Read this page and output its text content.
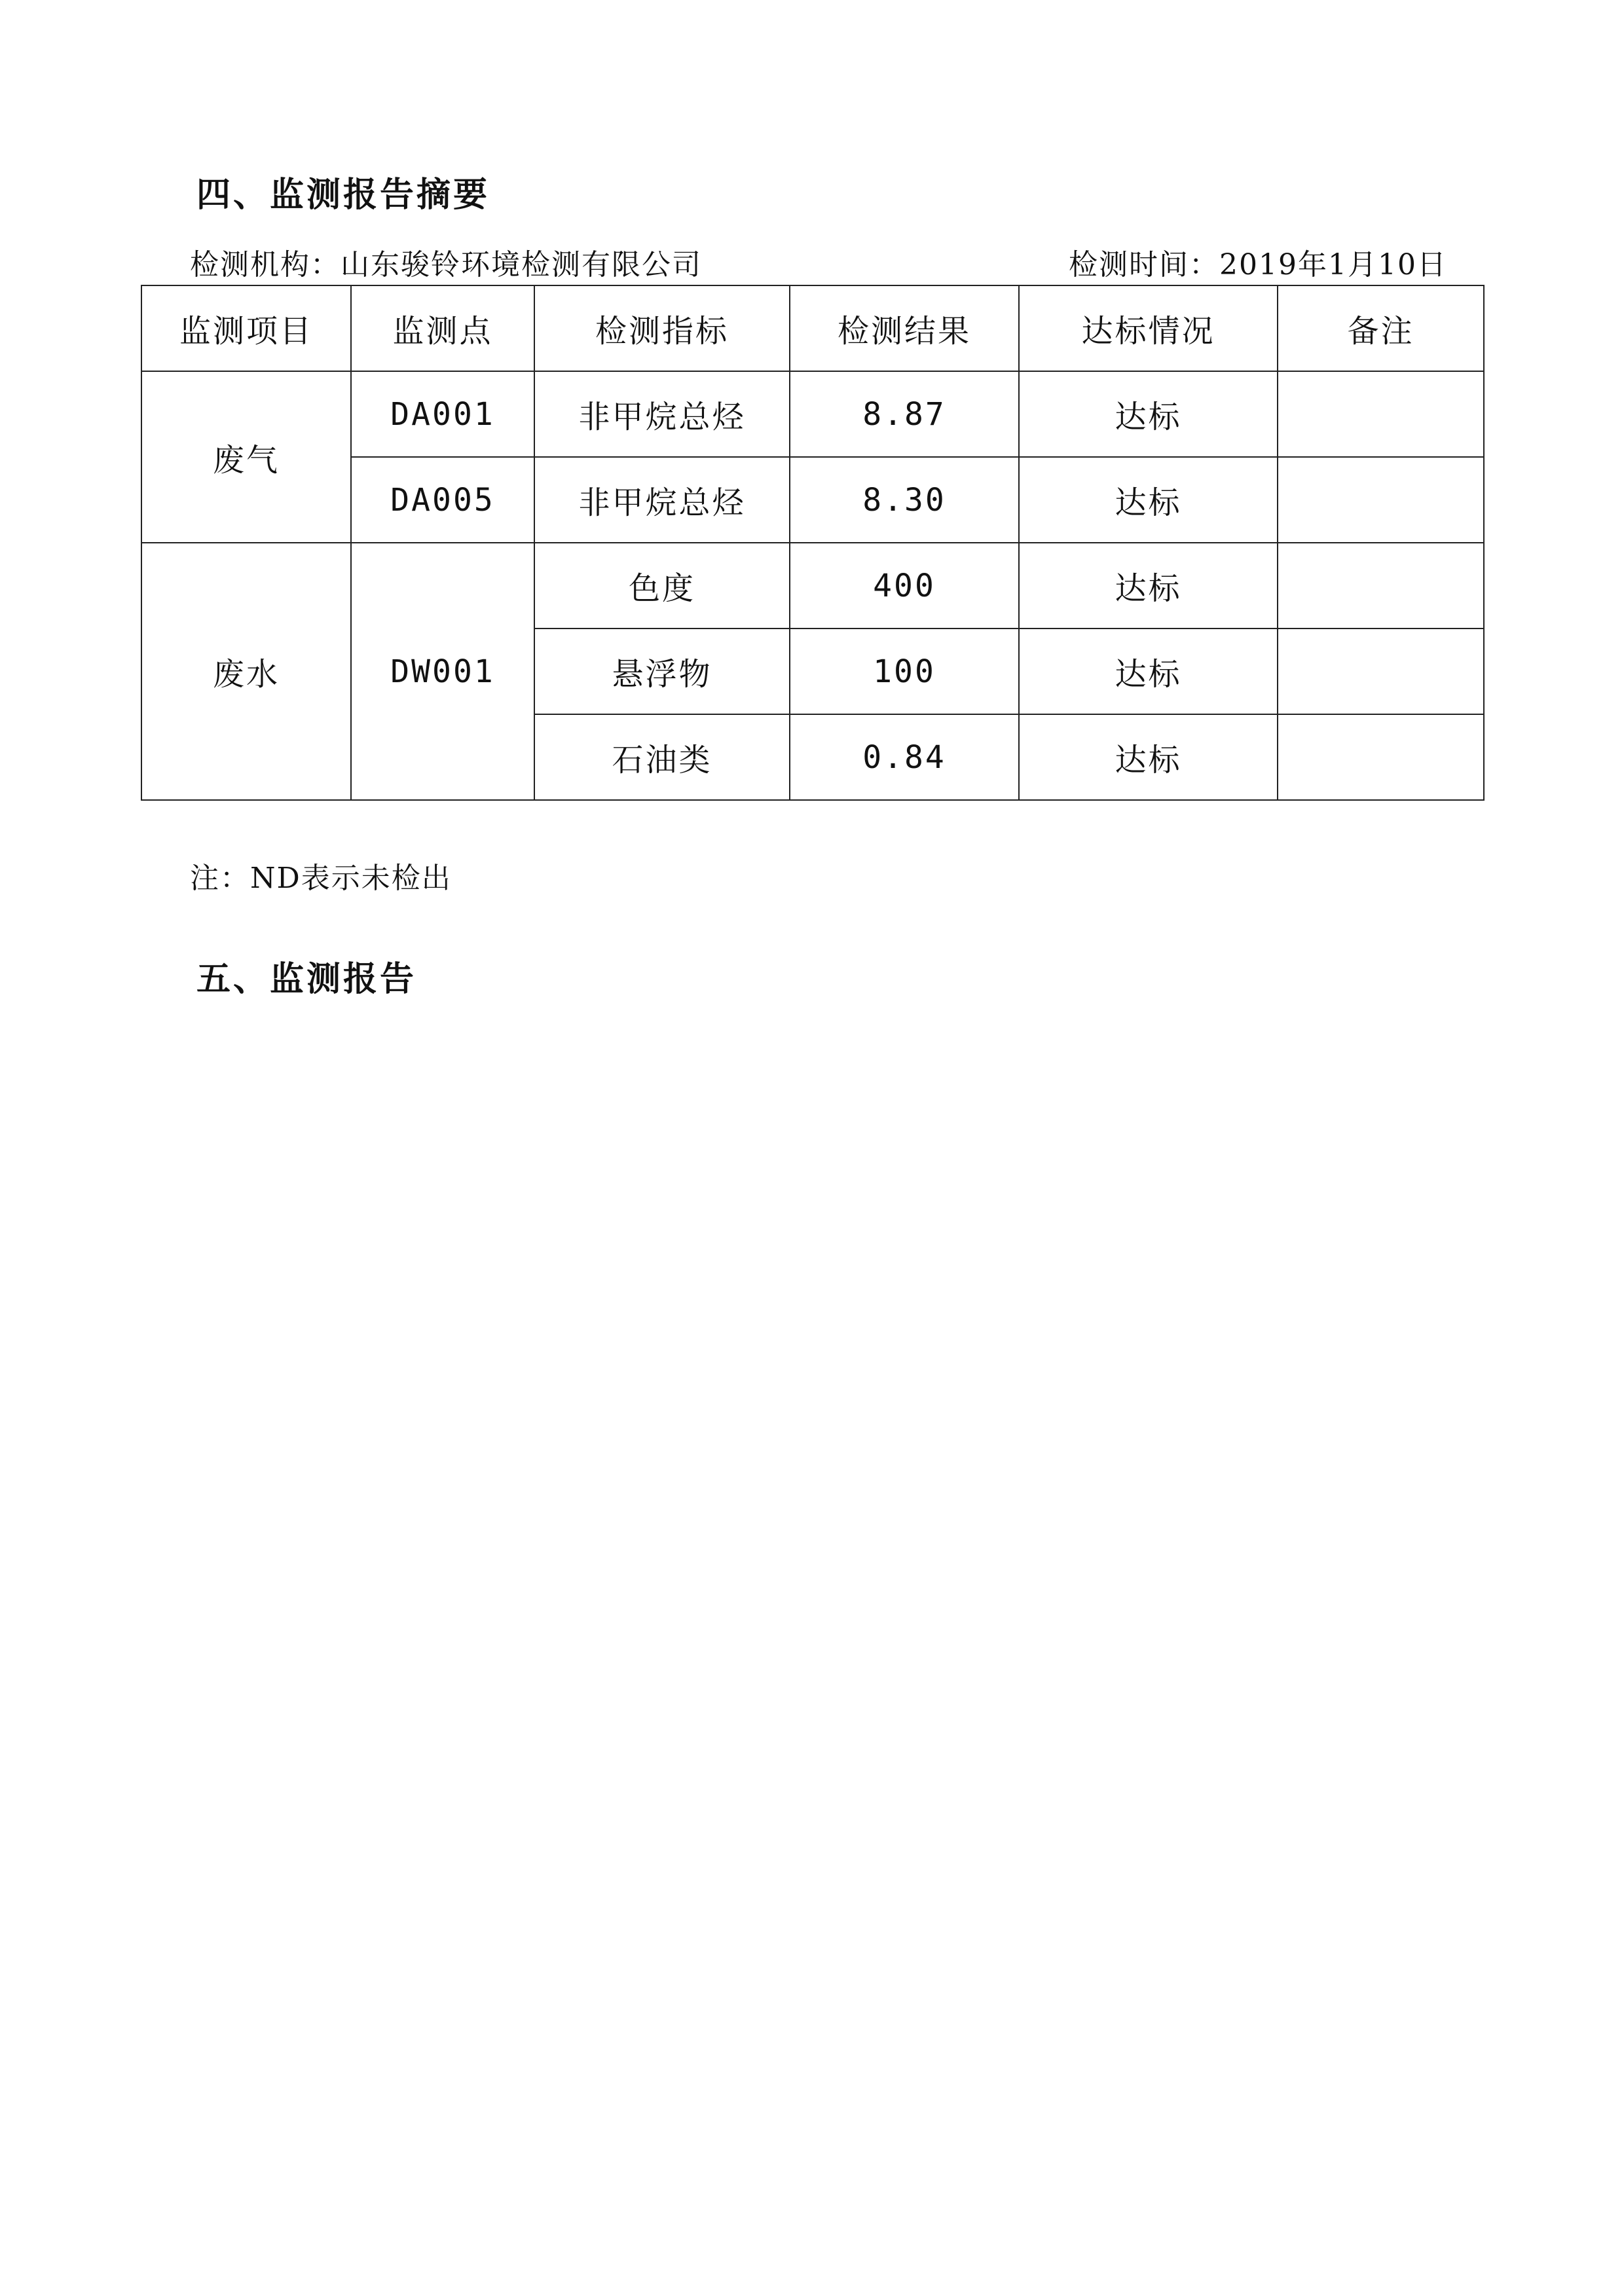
四、监测报告摘要
检测机构：山东骏铃环境检测有限公司	检测时间：2019年1月10日
监测项目	监测点	检测指标	检测结果	达标情况	备注
废气	DA001	非甲烷总烃	8.87	达标	
	DA005	非甲烷总烃	8.30	达标	
废水	DW001	色度	400	达标	
		悬浮物	100	达标	
		石油类	0.84	达标	

注：ND表示未检出

五、监测报告
